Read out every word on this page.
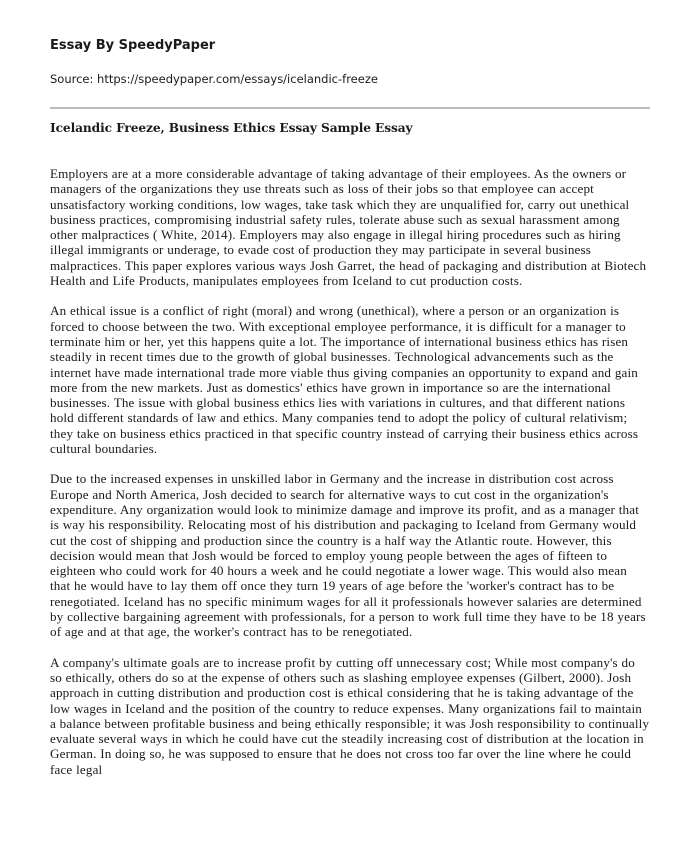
Essay By SpeedyPaper

Source: https://speedypaper.com/essays/icelandic-freeze

Icelandic Freeze, Business Ethics Essay Sample Essay

Employers are at a more considerable advantage of taking advantage of their employees. As the owners or managers of the organizations they use threats such as loss of their jobs so that employee can accept unsatisfactory working conditions, low wages, take task which they are unqualified for, carry out unethical business practices, compromising industrial safety rules, tolerate abuse such as sexual harassment among other malpractices ( White, 2014). Employers may also engage in illegal hiring procedures such as hiring illegal immigrants or underage, to evade cost of production they may participate in several business malpractices. This paper explores various ways Josh Garret, the head of packaging and distribution at Biotech Health and Life Products, manipulates employees from Iceland to cut production costs.

An ethical issue is a conflict of right (moral) and wrong (unethical), where a person or an organization is forced to choose between the two. With exceptional employee performance, it is difficult for a manager to terminate him or her, yet this happens quite a lot. The importance of international business ethics has risen steadily in recent times due to the growth of global businesses. Technological advancements such as the internet have made international trade more viable thus giving companies an opportunity to expand and gain more from the new markets. Just as domestics' ethics have grown in importance so are the international businesses. The issue with global business ethics lies with variations in cultures, and that different nations hold different standards of law and ethics. Many companies tend to adopt the policy of cultural relativism; they take on business ethics practiced in that specific country instead of carrying their business ethics across cultural boundaries.

Due to the increased expenses in unskilled labor in Germany and the increase in distribution cost across Europe and North America, Josh decided to search for alternative ways to cut cost in the organization's expenditure. Any organization would look to minimize damage and improve its profit, and as a manager that is way his responsibility. Relocating most of his distribution and packaging to Iceland from Germany would cut the cost of shipping and production since the country is a half way the Atlantic route. However, this decision would mean that Josh would be forced to employ young people between the ages of fifteen to eighteen who could work for 40 hours a week and he could negotiate a lower wage. This would also mean that he would have to lay them off once they turn 19 years of age before the 'worker's contract has to be renegotiated. Iceland has no specific minimum wages for all it professionals however salaries are determined by collective bargaining agreement with professionals, for a person to work full time they have to be 18 years of age and at that age, the worker's contract has to be renegotiated.

A company's ultimate goals are to increase profit by cutting off unnecessary cost; While most company's do so ethically, others do so at the expense of others such as slashing employee expenses (Gilbert, 2000). Josh approach in cutting distribution and production cost is ethical considering that he is taking advantage of the low wages in Iceland and the position of the country to reduce expenses. Many organizations fail to maintain a balance between profitable business and being ethically responsible; it was Josh responsibility to continually evaluate several ways in which he could have cut the steadily increasing cost of distribution at the location in German. In doing so, he was supposed to ensure that he does not cross too far over the line where he could face legal
